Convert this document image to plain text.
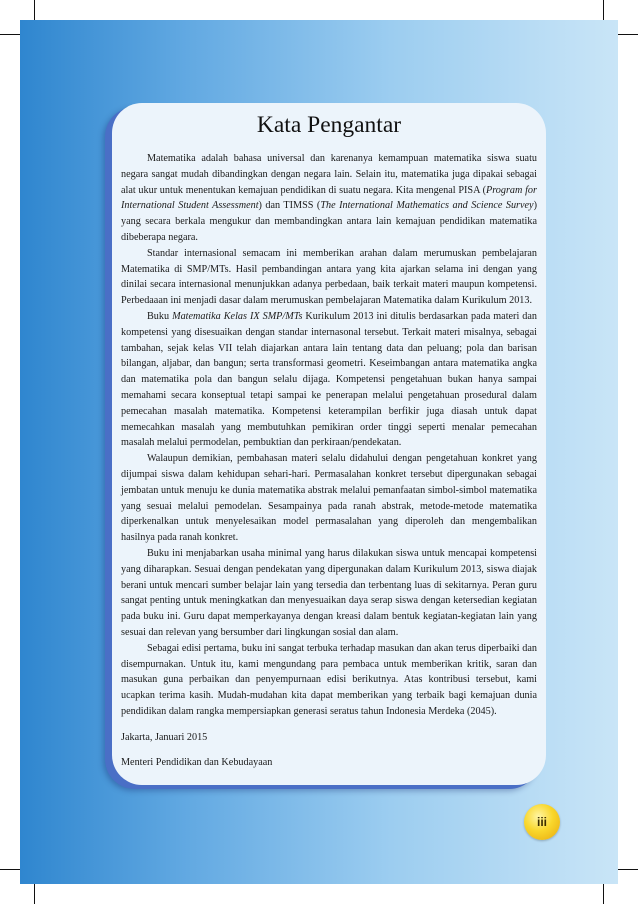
Kata Pengantar

Matematika adalah bahasa universal dan karenanya kemampuan matematika siswa suatu negara sangat mudah dibandingkan dengan negara lain. Selain itu, matematika juga dipakai sebagai alat ukur untuk menentukan kemajuan pendidikan di suatu negara. Kita mengenal PISA (Program for International Student Assessment) dan TIMSS (The International Mathematics and Science Survey) yang secara berkala mengukur dan membandingkan antara lain kemajuan pendidikan matematika dibeberapa negara.

Standar internasional semacam ini memberikan arahan dalam merumuskan pembelajaran Matematika di SMP/MTs. Hasil pembandingan antara yang kita ajarkan selama ini dengan yang dinilai secara internasional menunjukkan adanya perbedaan, baik terkait materi maupun kompetensi. Perbedaaan ini menjadi dasar dalam merumuskan pembelajaran Matematika dalam Kurikulum 2013.

Buku Matematika Kelas IX SMP/MTs Kurikulum 2013 ini ditulis berdasarkan pada materi dan kompetensi yang disesuaikan dengan standar internasonal tersebut. Terkait materi misalnya, sebagai tambahan, sejak kelas VII telah diajarkan antara lain tentang data dan peluang; pola dan barisan bilangan, aljabar, dan bangun; serta transformasi geometri. Keseimbangan antara matematika angka dan matematika pola dan bangun selalu dijaga. Kompetensi pengetahuan bukan hanya sampai memahami secara konseptual tetapi sampai ke penerapan melalui pengetahuan prosedural dalam pemecahan masalah matematika. Kompetensi keterampilan berfikir juga diasah untuk dapat memecahkan masalah yang membutuhkan pemikiran order tinggi seperti menalar pemecahan masalah melalui permodelan, pembuktian dan perkiraan/pendekatan.

Walaupun demikian, pembahasan materi selalu didahului dengan pengetahuan konkret yang dijumpai siswa dalam kehidupan sehari-hari. Permasalahan konkret tersebut dipergunakan sebagai jembatan untuk menuju ke dunia matematika abstrak melalui pemanfaatan simbol-simbol matematika yang sesuai melalui pemodelan. Sesampainya pada ranah abstrak, metode-metode matematika diperkenalkan untuk menyelesaikan model permasalahan yang diperoleh dan mengembalikan hasilnya pada ranah konkret.

Buku ini menjabarkan usaha minimal yang harus dilakukan siswa untuk mencapai kompetensi yang diharapkan. Sesuai dengan pendekatan yang dipergunakan dalam Kurikulum 2013, siswa diajak berani untuk mencari sumber belajar lain yang tersedia dan terbentang luas di sekitarnya. Peran guru sangat penting untuk meningkatkan dan menyesuaikan daya serap siswa dengan ketersedian kegiatan pada buku ini. Guru dapat memperkayanya dengan kreasi dalam bentuk kegiatan-kegiatan lain yang sesuai dan relevan yang bersumber dari lingkungan sosial dan alam.

Sebagai edisi pertama, buku ini sangat terbuka terhadap masukan dan akan terus diperbaiki dan disempurnakan. Untuk itu, kami mengundang para pembaca untuk memberikan kritik, saran dan masukan guna perbaikan dan penyempurnaan edisi berikutnya. Atas kontribusi tersebut, kami ucapkan terima kasih. Mudah-mudahan kita dapat memberikan yang terbaik bagi kemajuan dunia pendidikan dalam rangka mempersiapkan generasi seratus tahun Indonesia Merdeka (2045).

Jakarta, Januari 2015

Menteri Pendidikan dan Kebudayaan

iii
